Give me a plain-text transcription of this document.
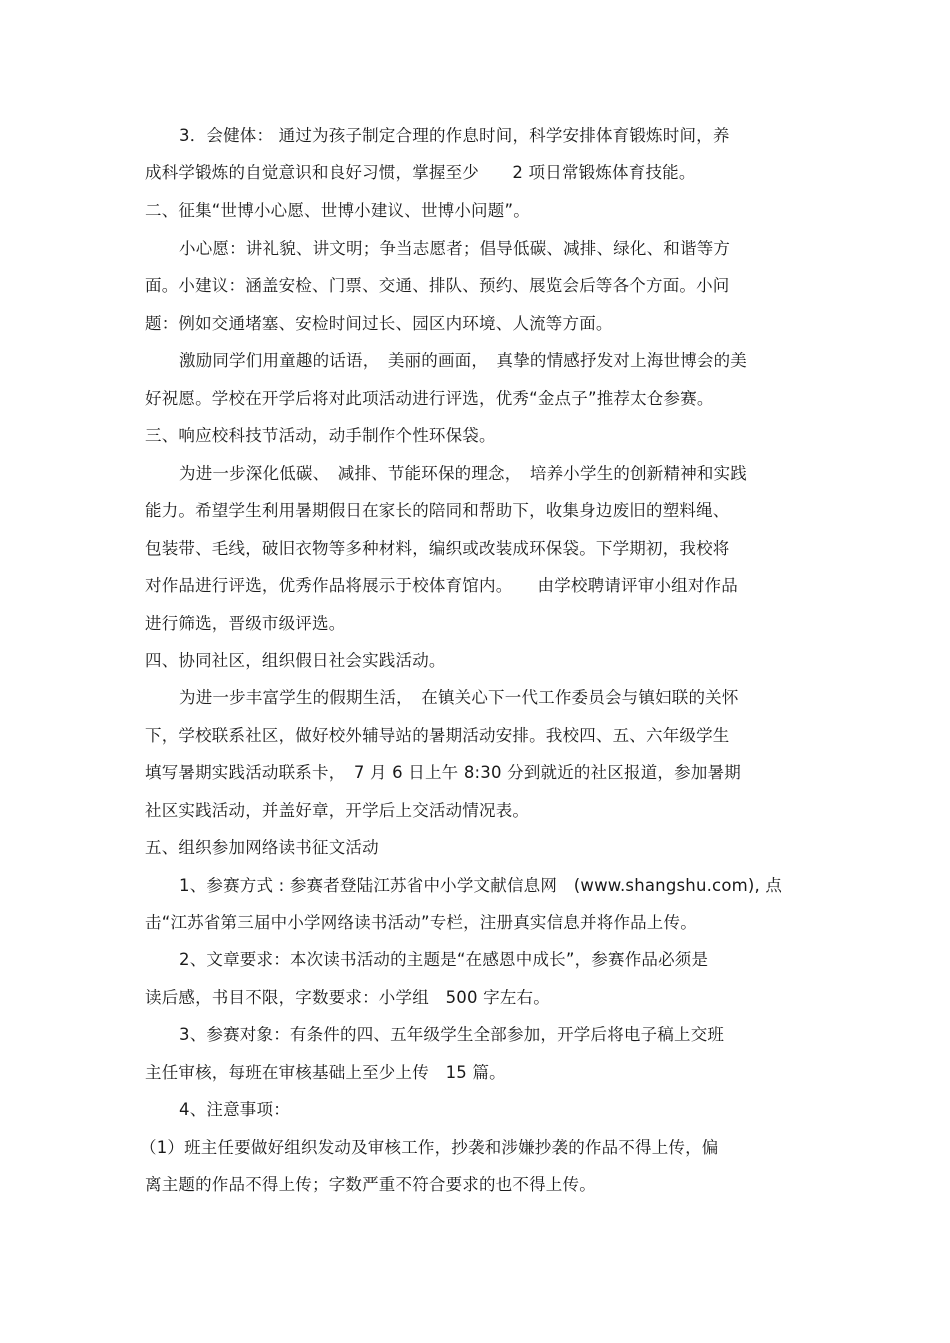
3．会健体： 通过为孩子制定合理的作息时间，科学安排体育锻炼时间，养
成科学锻炼的自觉意识和良好习惯，掌握至少　　2 项日常锻炼体育技能。
二、征集“世博小心愿、世博小建议、世博小问题”。
小心愿：讲礼貌、讲文明；争当志愿者；倡导低碳、减排、绿化、和谐等方
面。小建议：涵盖安检、门票、交通、排队、预约、展览会后等各个方面。小问
题：例如交通堵塞、安检时间过长、园区内环境、人流等方面。
激励同学们用童趣的话语，　美丽的画面，　真挚的情感抒发对上海世博会的美
好祝愿。学校在开学后将对此项活动进行评选，优秀“金点子”推荐太仓参赛。
三、响应校科技节活动，动手制作个性环保袋。
为进一步深化低碳、　减排、节能环保的理念，　培养小学生的创新精神和实践
能力。希望学生利用暑期假日在家长的陪同和帮助下，收集身边废旧的塑料绳、
包装带、毛线，破旧衣物等多种材料，编织或改装成环保袋。下学期初，我校将
对作品进行评选，优秀作品将展示于校体育馆内。　　由学校聘请评审小组对作品
进行筛选，晋级市级评选。
四、协同社区，组织假日社会实践活动。
为进一步丰富学生的假期生活，　在镇关心下一代工作委员会与镇妇联的关怀
下，学校联系社区，做好校外辅导站的暑期活动安排。我校四、五、六年级学生
填写暑期实践活动联系卡，　7 月 6 日上午 8:30 分到就近的社区报道，参加暑期
社区实践活动，并盖好章，开学后上交活动情况表。
五、组织参加网络读书征文活动
1、参赛方式 : 参赛者登陆江苏省中小学文献信息网　(www.shangshu.com), 点
击“江苏省第三届中小学网络读书活动”专栏，注册真实信息并将作品上传。
2、文章要求：本次读书活动的主题是“在感恩中成长”，参赛作品必须是
读后感，书目不限，字数要求：小学组　500 字左右。
3、参赛对象：有条件的四、五年级学生全部参加，开学后将电子稿上交班
主任审核，每班在审核基础上至少上传　15 篇。
4、注意事项：
（1）班主任要做好组织发动及审核工作，抄袭和涉嫌抄袭的作品不得上传，偏
离主题的作品不得上传；字数严重不符合要求的也不得上传。
